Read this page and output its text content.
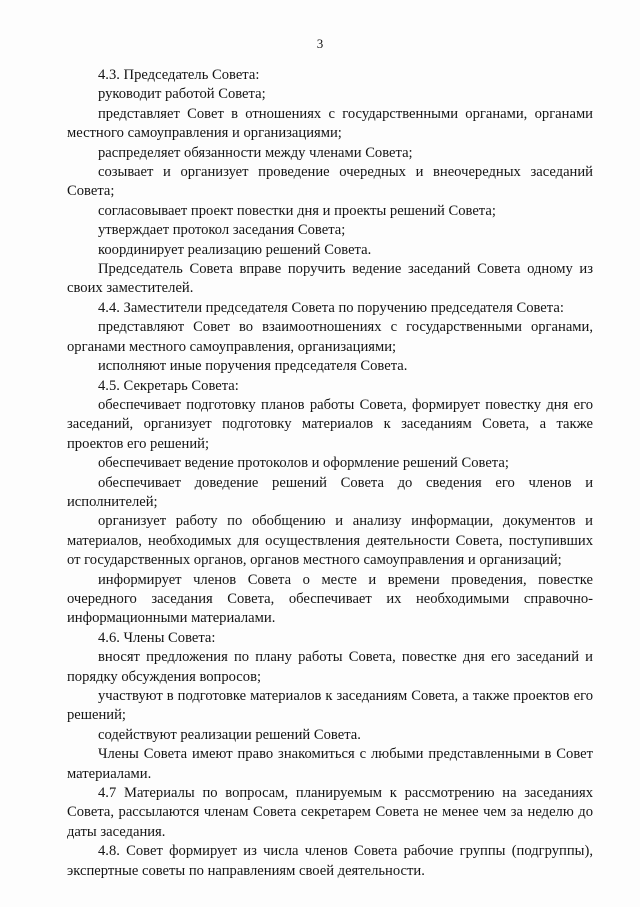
3

4.3. Председатель Совета:

руководит работой Совета;

представляет Совет в отношениях с государственными органами, органами местного самоуправления и организациями;

распределяет обязанности между членами Совета;

созывает и организует проведение очередных и внеочередных заседаний Совета;

согласовывает проект повестки дня и проекты решений Совета;

утверждает протокол заседания Совета;

координирует реализацию решений Совета.

Председатель Совета вправе поручить ведение заседаний Совета одному из своих заместителей.

4.4. Заместители председателя Совета по поручению председателя Совета:

представляют Совет во взаимоотношениях с государственными органами, органами местного самоуправления, организациями;

исполняют иные поручения председателя Совета.

4.5. Секретарь Совета:

обеспечивает подготовку планов работы Совета, формирует повестку дня его заседаний, организует подготовку материалов к заседаниям Совета, а также проектов его решений;

обеспечивает ведение протоколов и оформление решений Совета;

обеспечивает доведение решений Совета до сведения его членов и исполнителей;

организует работу по обобщению и анализу информации, документов и материалов, необходимых для осуществления деятельности Совета, поступивших от государственных органов, органов местного самоуправления и организаций;

информирует членов Совета о месте и времени проведения, повестке очередного заседания Совета, обеспечивает их необходимыми справочно-информационными материалами.

4.6. Члены Совета:

вносят предложения по плану работы Совета, повестке дня его заседаний и порядку обсуждения вопросов;

участвуют в подготовке материалов к заседаниям Совета, а также проектов его решений;

содействуют реализации решений Совета.

Члены Совета имеют право знакомиться с любыми представленными в Совет материалами.

4.7 Материалы по вопросам, планируемым к рассмотрению на заседаниях Совета, рассылаются членам Совета секретарем Совета не менее чем за неделю до даты заседания.

4.8. Совет формирует из числа членов Совета рабочие группы (подгруппы), экспертные советы по направлениям своей деятельности.
